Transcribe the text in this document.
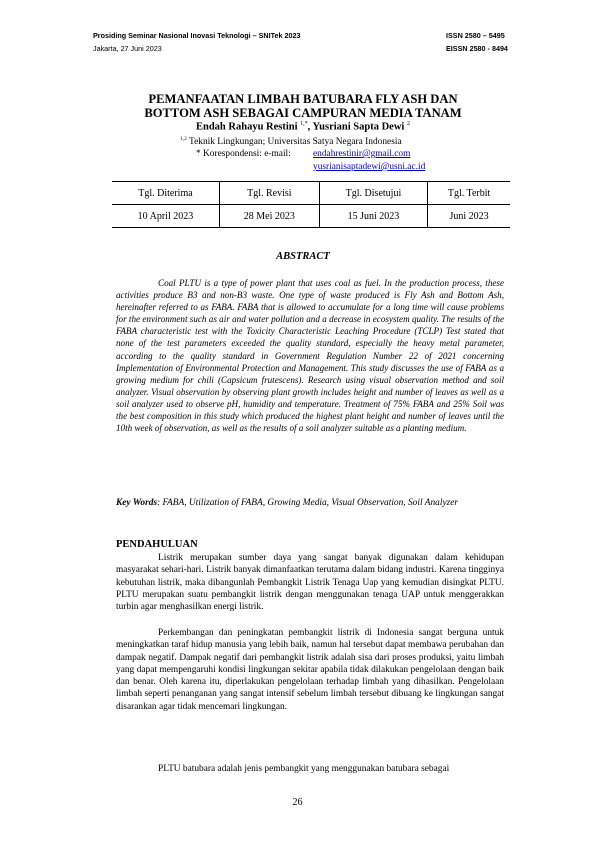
Prosiding Seminar Nasional Inovasi Teknologi – SNITek 2023
Jakarta, 27 Juni 2023
ISSN 2580 – 5495
EISSN 2580 - 8494
PEMANFAATAN LIMBAH BATUBARA FLY ASH DAN
BOTTOM ASH SEBAGAI CAMPURAN MEDIA TANAM
Endah Rahayu Restini $^{1,*}$, Yusriani Sapta Dewi $^2$
$^{1,2}$ Teknik Lingkungan; Universitas Satya Negara Indonesia
* Korespondensi: e-mail: endahrestinir@gmail.com
yusrianisaptadewi@usni.ac.id
Tgl. Diterima	Tgl. Revisi	Tgl. Disetujui	Tgl. Terbit
10 April 2023	28 Mei 2023	15 Juni 2023	Juni 2023
ABSTRACT

Coal PLTU is a type of power plant that uses coal as fuel. In the production process, these activities produce B3 and non-B3 waste. One type of waste produced is Fly Ash and Bottom Ash, hereinafter referred to as FABA. FABA that is allowed to accumulate for a long time will cause problems for the environment such as air and water pollution and a decrease in ecosystem quality. The results of the FABA characteristic test with the Toxicity Characteristic Leaching Procedure (TCLP) Test stated that none of the test parameters exceeded the quality standard, especially the heavy metal parameter, according to the quality standard in Government Regulation Number 22 of 2021 concerning Implementation of Environmental Protection and Management. This study discusses the use of FABA as a growing medium for chili (Capsicum frutescens). Research using visual observation method and soil analyzer. Visual observation by observing plant growth includes height and number of leaves as well as a soil analyzer used to observe pH, humidity and temperature. Treatment of 75% FABA and 25% Soil was the best composition in this study which produced the highest plant height and number of leaves until the 10th week of observation, as well as the results of a soil analyzer suitable as a planting medium.

Key Words: FABA, Utilization of FABA, Growing Media, Visual Observation, Soil Analyzer

PENDAHULUAN

Listrik merupakan sumber daya yang sangat banyak digunakan dalam kehidupan masyarakat sehari-hari. Listrik banyak dimanfaatkan terutama dalam bidang industri. Karena tingginya kebutuhan listrik, maka dibangunlah Pembangkit Listrik Tenaga Uap yang kemudian disingkat PLTU. PLTU merupakan suatu pembangkit listrik dengan menggunakan tenaga UAP untuk menggerakkan turbin agar menghasilkan energi listrik.

Perkembangan dan peningkatan pembangkit listrik di Indonesia sangat berguna untuk meningkatkan taraf hidup manusia yang lebih baik, namun hal tersebut dapat membawa perubahan dan dampak negatif. Dampak negatif dari pembangkit listrik adalah sisa dari proses produksi, yaitu limbah yang dapat mempengaruhi kondisi lingkungan sekitar apabila tidak dilakukan pengelolaan dengan baik dan benar. Oleh karena itu, diperlakukan pengelolaan terhadap limbah yang dihasilkan. Pengelolaan limbah seperti penanganan yang sangat intensif sebelum limbah tersebut dibuang ke lingkungan sangat disarankan agar tidak mencemari lingkungan.

PLTU batubara adalah jenis pembangkit yang menggunakan batubara sebagai

26
